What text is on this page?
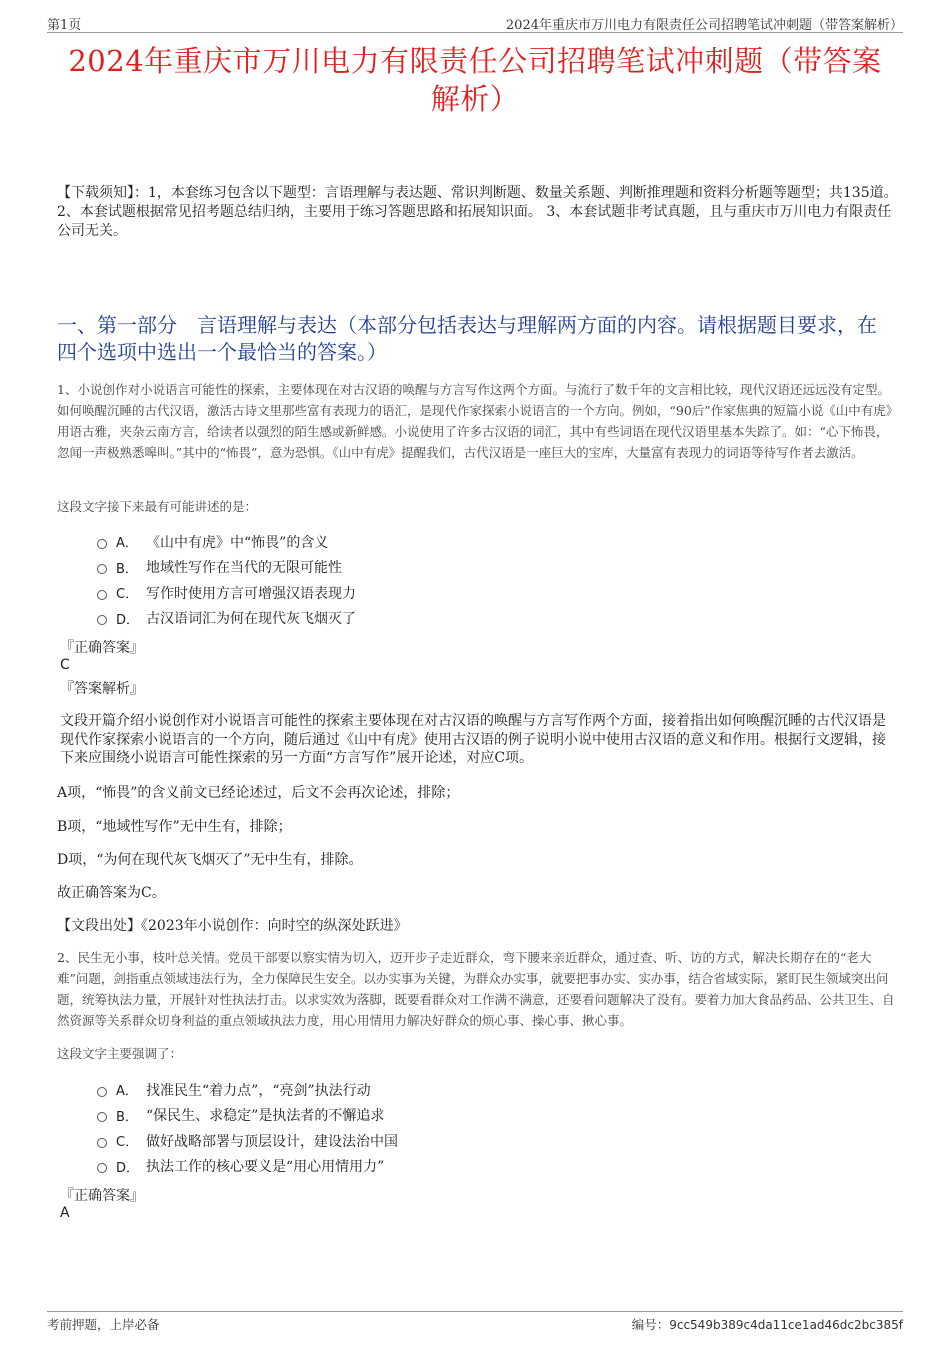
第1页	2024年重庆市万川电力有限责任公司招聘笔试冲刺题（带答案解析）
2024年重庆市万川电力有限责任公司招聘笔试冲刺题（带答案
解析）
【下载须知】：1，本套练习包含以下题型：言语理解与表达题、常识判断题、数量关系题、判断推理题和资料分析题等题型；共135道。 2、本套试题根据常见招考题总结归纳，主要用于练习答题思路和拓展知识面。 3、本套试题非考试真题，且与重庆市万川电力有限责任公司无关。
一、第一部分　言语理解与表达（本部分包括表达与理解两方面的内容。请根据题目要求，在四个选项中选出一个最恰当的答案。）
1、小说创作对小说语言可能性的探索，主要体现在对古汉语的唤醒与方言写作这两个方面。与流行了数千年的文言相比较，现代汉语还远远没有定型。如何唤醒沉睡的古代汉语，激活古诗文里那些富有表现力的语汇，是现代作家探索小说语言的一个方向。例如，“90后”作家焦典的短篇小说《山中有虎》用语古雅，夹杂云南方言，给读者以强烈的陌生感或新鲜感。小说使用了许多古汉语的词汇，其中有些词语在现代汉语里基本失踪了。如：“心下怖畏，忽闻一声极熟悉嗥叫。”其中的“怖畏”，意为恐惧。《山中有虎》提醒我们，古代汉语是一座巨大的宝库，大量富有表现力的词语等待写作者去激活。
这段文字接下来最有可能讲述的是：
A． 《山中有虎》中“怖畏”的含义
B． 地域性写作在当代的无限可能性
C． 写作时使用方言可增强汉语表现力
D． 古汉语词汇为何在现代灰飞烟灭了
『正确答案』
C
『答案解析』
文段开篇介绍小说创作对小说语言可能性的探索主要体现在对古汉语的唤醒与方言写作两个方面，接着指出如何唤醒沉睡的古代汉语是现代作家探索小说语言的一个方向，随后通过《山中有虎》使用古汉语的例子说明小说中使用古汉语的意义和作用。根据行文逻辑，接下来应围绕小说语言可能性探索的另一方面“方言写作”展开论述，对应C项。
A项，“怖畏”的含义前文已经论述过，后文不会再次论述，排除；
B项，“地域性写作”无中生有，排除；
D项，“为何在现代灰飞烟灭了”无中生有，排除。
故正确答案为C。
【文段出处】《2023年小说创作：向时空的纵深处跃进》
2、民生无小事，枝叶总关情。党员干部要以察实情为切入，迈开步子走近群众，弯下腰来亲近群众，通过查、听、访的方式，解决长期存在的“老大难”问题，剑指重点领域违法行为，全力保障民生安全。以办实事为关键，为群众办实事，就要把事办实、实办事，结合省域实际，紧盯民生领域突出问题，统筹执法力量，开展针对性执法打击。以求实效为落脚，既要看群众对工作满不满意，还要看问题解决了没有。要着力加大食品药品、公共卫生、自然资源等关系群众切身利益的重点领域执法力度，用心用情用力解决好群众的烦心事、操心事、揪心事。
这段文字主要强调了：
A． 找准民生“着力点”，“亮剑”执法行动
B． “保民生、求稳定”是执法者的不懈追求
C． 做好战略部署与顶层设计，建设法治中国
D． 执法工作的核心要义是“用心用情用力”
『正确答案』
A
考前押题，上岸必备	编号：9cc549b389c4da11ce1ad46dc2bc385f
